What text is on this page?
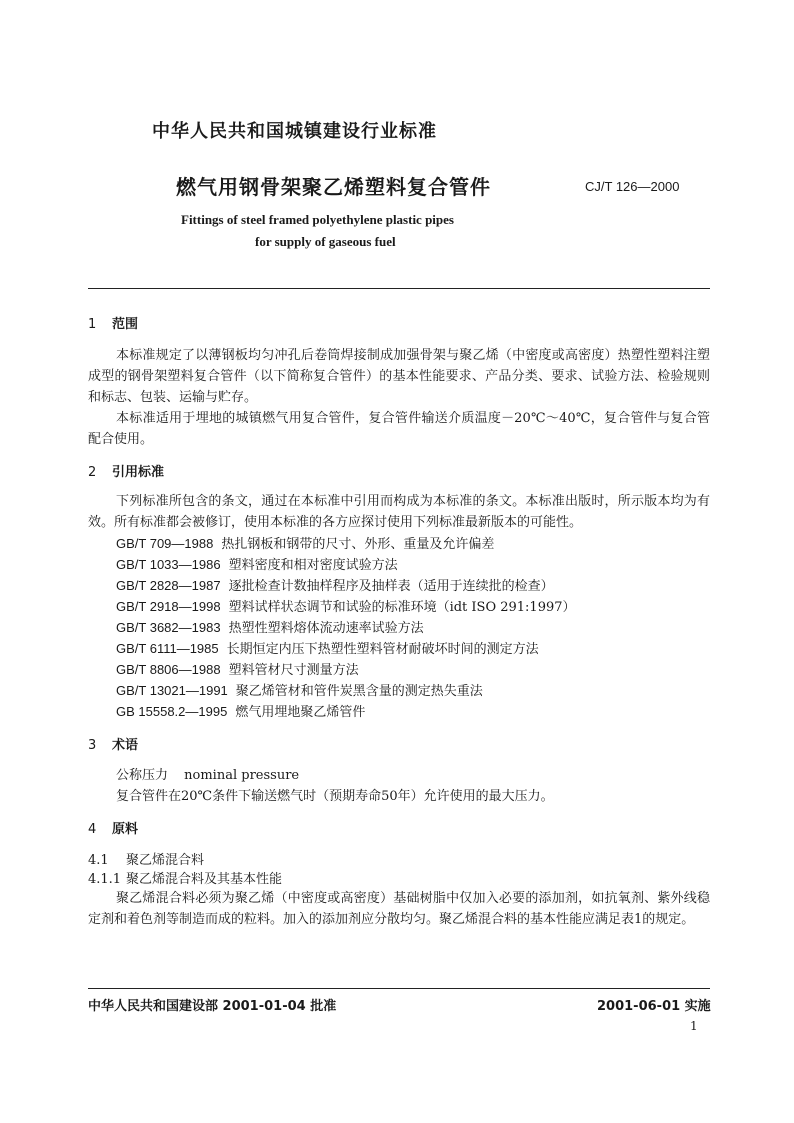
中华人民共和国城镇建设行业标准
燃气用钢骨架聚乙烯塑料复合管件	CJ/T 126—2000
Fittings of steel framed polyethylene plastic pipes
for supply of gaseous fuel
1 范围
本标准规定了以薄钢板均匀冲孔后卷筒焊接制成加强骨架与聚乙烯（中密度或高密度）热塑性塑料注塑成型的钢骨架塑料复合管件（以下简称复合管件）的基本性能要求、产品分类、要求、试验方法、检验规则和标志、包装、运输与贮存。
本标准适用于埋地的城镇燃气用复合管件，复合管件输送介质温度－20℃～40℃，复合管件与复合管配合使用。
2 引用标准
下列标准所包含的条文，通过在本标准中引用而构成为本标准的条文。本标准出版时，所示版本均为有效。所有标准都会被修订，使用本标准的各方应探讨使用下列标准最新版本的可能性。
GB/T 709—1988 热扎钢板和钢带的尺寸、外形、重量及允许偏差
GB/T 1033—1986 塑料密度和相对密度试验方法
GB/T 2828—1987 逐批检查计数抽样程序及抽样表（适用于连续批的检查）
GB/T 2918—1998 塑料试样状态调节和试验的标准环境（idt ISO 291:1997）
GB/T 3682—1983 热塑性塑料熔体流动速率试验方法
GB/T 6111—1985 长期恒定内压下热塑性塑料管材耐破坏时间的测定方法
GB/T 8806—1988 塑料管材尺寸测量方法
GB/T 13021—1991 聚乙烯管材和管件炭黑含量的测定热失重法
GB 15558.2—1995 燃气用埋地聚乙烯管件
3 术语
公称压力 nominal pressure
复合管件在20℃条件下输送燃气时（预期寿命50年）允许使用的最大压力。
4 原料
4.1 聚乙烯混合料
4.1.1 聚乙烯混合料及其基本性能
聚乙烯混合料必须为聚乙烯（中密度或高密度）基础树脂中仅加入必要的添加剂，如抗氧剂、紫外线稳定剂和着色剂等制造而成的粒料。加入的添加剂应分散均匀。聚乙烯混合料的基本性能应满足表1的规定。
中华人民共和国建设部 2001-01-04 批准	2001-06-01 实施
1
